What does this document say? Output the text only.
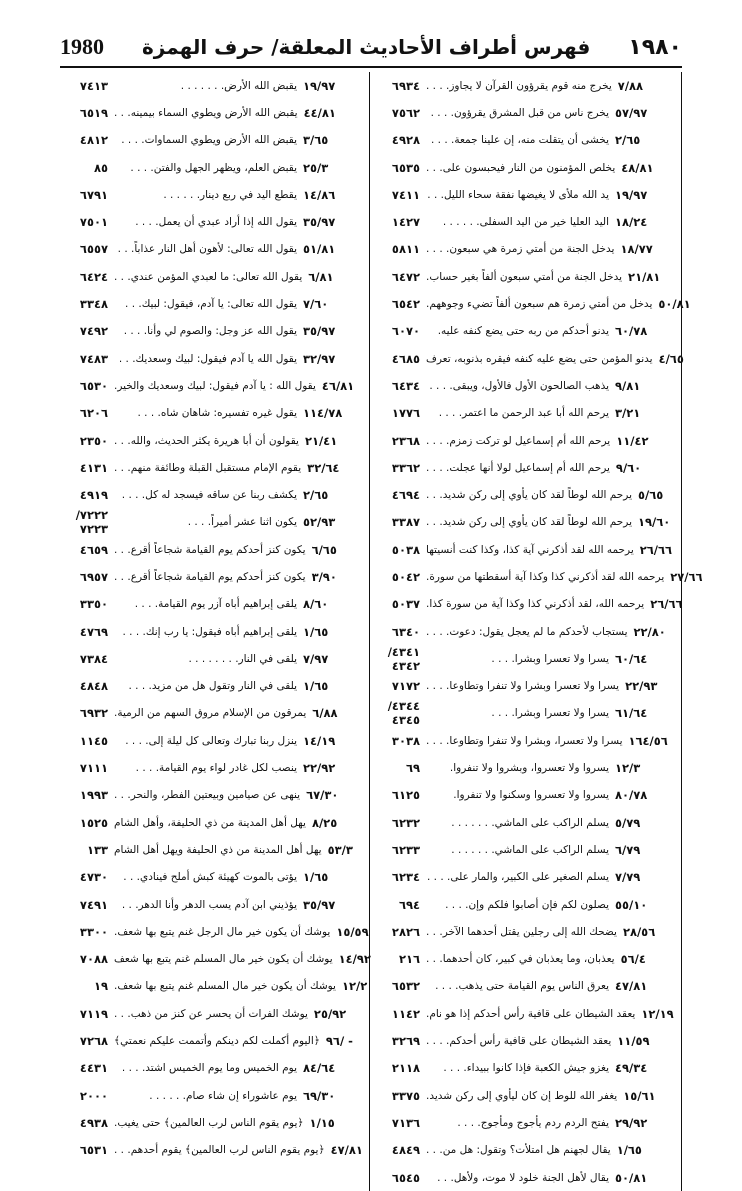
1980 فهرس أطراف الأحاديث المعلقة/ حرف الهمزة ١٩٨٠
٦٩٣٤ يخرج منه قوم يقرؤون القرآن لا يجاوز. . . . ٧/٨٨
٧٥٦٢	يخرج ناس من قبل المشرق يقرؤون. . . . ٥٧/٩٧
٤٩٢٨	يخشى أن يتقلت منه، إن علينا جمعة. . . . ٢/٦٥
٦٥٣٥ يخلص المؤمنون من النار فيحبسون على. . . ٤٨/٨١
٧٤١١ يد الله ملأى لا يغيضها نفقة سحاء الليل. . . ١٩/٩٧
١٤٢٧	اليد العليا خير من اليد السفلى. . . . . . ١٨/٢٤
٥٨١١ يدخل الجنة من أمتي زمرة هي سبعون. . . . ١٨/٧٧
٦٤٧٢ يدخل الجنة من أمتي سبعون ألفاً بغير حساب. ٢١/٨١
٦٥٤٢ يدخل من أمتي زمرة هم سبعون ألفاً تضيء وجوههم. ٥٠/٨١
٦٠٧٠	يدنو أحدكم من ربه حتى يضع كنفه عليه. ٦٠/٧٨
٤٦٨٥ يدنو المؤمن حتى يضع عليه كنفه فيقره بذنوبه، تعرف ٤/٦٥
٦٤٣٤ يذهب الصالحون الأول فالأول، ويبقى. . . . ٩/٨١
١٧٧٦	يرحم الله أبا عبد الرحمن ما اعتمر. . . . ٣/٢١
٢٣٦٨ يرحم الله أم إسماعيل لو تركت زمزم. . . . ١١/٤٢
٣٣٦٢ يرحم الله أم إسماعيل لولا أنها عجلت. . . . ٩/٦٠
٤٦٩٤ يرحم الله لوطاً لقد كان يأوي إلى ركن شديد. . . ٥/٦٥
٣٣٨٧ يرحم الله لوطاً لقد كان يأوي إلى ركن شديد. . . ١٩/٦٠
٥٠٣٨ يرحمه الله لقد أذكرني آية كذا، وكذا كنت أنسيتها ٢٦/٦٦
٥٠٤٢ يرحمه الله لقد أذكرني كذا وكذا آية أسقطتها من سورة. ٢٧/٦٦
٥٠٣٧ يرحمه الله، لقد أذكرني كذا وكذا آية من سورة كذا. ٢٦/٦٦
٦٣٤٠ يستجاب لأحدكم ما لم يعجل يقول: دعوت. . . . ٢٢/٨٠
٤٣٤١/ ٤٣٤٢
يسرا ولا تعسرا وبشرا. . . . ٦٠/٦٤
٧١٧٢ يسرا ولا تعسرا وبشرا ولا تنفرا وتطاوعا. . . . ٢٢/٩٣
٤٣٤٤/ ٤٣٤٥
يسرا ولا تعسرا وبشرا. . . . ٦١/٦٤
٣٠٣٨ يسرا ولا تعسرا، وبشرا ولا تنفرا وتطاوعا. . . . ١٦٤/٥٦
٦٩	يسروا ولا تعسروا، وبشروا ولا تنفروا. ١٢/٣
٦١٢٥	يسروا ولا تعسروا وسكنوا ولا تنفروا. ٨٠/٧٨
٦٢٣٢	يسلم الراكب على الماشي. . . . . . . ٥/٧٩
٦٢٣٣	يسلم الراكب على الماشي. . . . . . . ٦/٧٩
٦٢٣٤ يسلم الصغير على الكبير، والمار على. . . . ٧/٧٩
٦٩٤	يصلون لكم فإن أصابوا فلكم وإن. . . . ٥٥/١٠
٢٨٢٦ يضحك الله إلى رجلين يقتل أحدهما الآخر. . . ٢٨/٥٦
٢١٦ يعذبان، وما يعذبان في كبير، كان أحدهما. . . ٥٦/٤
٦٥٣٢	يعرق الناس يوم القيامة حتى يذهب. . . . ٤٧/٨١
١١٤٢ يعقد الشيطان على قافية رأس أحدكم إذا هو نام. ١٢/١٩
٣٢٦٩ يعقد الشيطان على قافية رأس أحدكم. . . . ١١/٥٩
٢١١٨	يغزو جيش الكعبة فإذا كانوا ببيداء. . . . ٤٩/٣٤
٣٣٧٥ يغفر الله للوط إن كان ليأوي إلى ركن شديد. ١٥/٦١
٧١٣٦	يفتح الردم ردم يأجوج ومأجوج. . . . ٢٩/٩٢
٤٨٤٩ يقال لجهنم هل امتلأت؟ وتقول: هل من. . . ١/٦٥
٦٥٤٥	يقال لأهل الجنة خلود لا موت، ولأهل. . . ٥٠/٨١
٧٤١٣	يقبض الله الأرض. . . . . . . ١٩/٩٧
٦٥١٩ يقبض الله الأرض ويطوي السماء بيمينه. . . ٤٤/٨١
٤٨١٢	يقبض الله الأرض ويطوي السماوات. . . . ٣/٦٥
٨٥	يقبض العلم، ويظهر الجهل والفتن. . . . ٢٥/٣
٦٧٩١	يقطع اليد في ربع دينار. . . . . . ١٤/٨٦
٧٥٠١	يقول الله إذا أراد عبدي أن يعمل. . . . ٣٥/٩٧
٦٥٥٧ يقول الله تعالى: لأهون أهل النار عذاباً. . . ٥١/٨١
٦٤٢٤ يقول الله تعالى: ما لعبدي المؤمن عندي. . . ٦/٨١
٣٣٤٨	يقول الله تعالى: يا آدم، فيقول: لبيك. . . ٧/٦٠
٧٤٩٢	يقول الله عز وجل: والصوم لي وأنا. . . . ٣٥/٩٧
٧٤٨٣	يقول الله يا آدم فيقول: لبيك وسعديك. . . ٣٢/٩٧
٦٥٣٠ يقول الله : يا آدم فيقول: لبيك وسعديك والخير. ٤٦/٨١
٦٢٠٦	يقول غيره تفسيره: شاهان شاه. . . . ١١٤/٧٨
٢٣٥٠ يقولون أن أبا هريرة يكثر الحديث، والله. . . ٢١/٤١
٤١٣١ يقوم الإمام مستقبل القبلة وطائفة منهم. . . ٣٢/٦٤
٤٩١٩	يكشف ربنا عن ساقه فيسجد له كل. . . . ٢/٦٥
٧٢٢٢/ ٧٢٢٣
يكون اثنا عشر أميراً. . . . ٥٢/٩٣
٤٦٥٩ يكون كنز أحدكم يوم القيامة شجاعاً أقرع. . . ٦/٦٥
٦٩٥٧ يكون كنز أحدكم يوم القيامة شجاعاً أقرع. . . ٣/٩٠
٣٣٥٠	يلقى إبراهيم أباه آزر يوم القيامة. . . . ٨/٦٠
٤٧٦٩	يلقى إبراهيم أباه فيقول: يا رب إنك. . . . ١/٦٥
٧٣٨٤	يلقى في النار. . . . . . . . ٧/٩٧
٤٨٤٨	يلقى في النار وتقول هل من مزيد. . . . ١/٦٥
٦٩٣٢ يمرقون من الإسلام مروق السهم من الرمية. ٦/٨٨
١١٤٥	ينزل ربنا تبارك وتعالى كل ليلة إلى. . . . ١٤/١٩
٧١١١	ينصب لكل غادر لواء يوم القيامة. . . . ٢٢/٩٢
١٩٩٣ ينهى عن صيامين وبيعتين الفطر، والنحر. . . ٦٧/٣٠
١٥٢٥ يهل أهل المدينة من ذي الحليفة، وأهل الشام ٨/٢٥
١٣٣ يهل أهل المدينة من ذي الحليفة ويهل أهل الشام ٥٣/٣
٤٧٣٠	يؤتى بالموت كهيئة كبش أملح فينادي. . . ١/٦٥
٧٤٩١	يؤذيني ابن آدم يسب الدهر وأنا الدهر. . . ٣٥/٩٧
٣٣٠٠ يوشك أن يكون خير مال الرجل غنم يتبع بها شعف. ١٥/٥٩
٧٠٨٨ يوشك أن يكون خير مال المسلم غنم يتبع بها شعف ١٤/٩٢
١٩ يوشك أن يكون خير مال المسلم غنم يتبع بها شعف. ١٢/٢
٧١١٩ يوشك الفرات أن يحسر عن كنز من ذهب. . . ٢٥/٩٢
٧٢٦٨ ﴿اليوم أكملت لكم دينكم وأتممت عليكم نعمتي﴾ - /٩٦
٤٤٣١	يوم الخميس وما يوم الخميس اشتد. . . . ٨٤/٦٤
٢٠٠٠	يوم عاشوراء إن شاء صام. . . . . . ٦٩/٣٠
٤٩٣٨ ﴿يوم يقوم الناس لرب العالمين﴾ حتى يغيب. ١/١٥
٦٥٣١ ﴿يوم يقوم الناس لرب العالمين﴾ يقوم أحدهم. . . ٤٧/٨١
